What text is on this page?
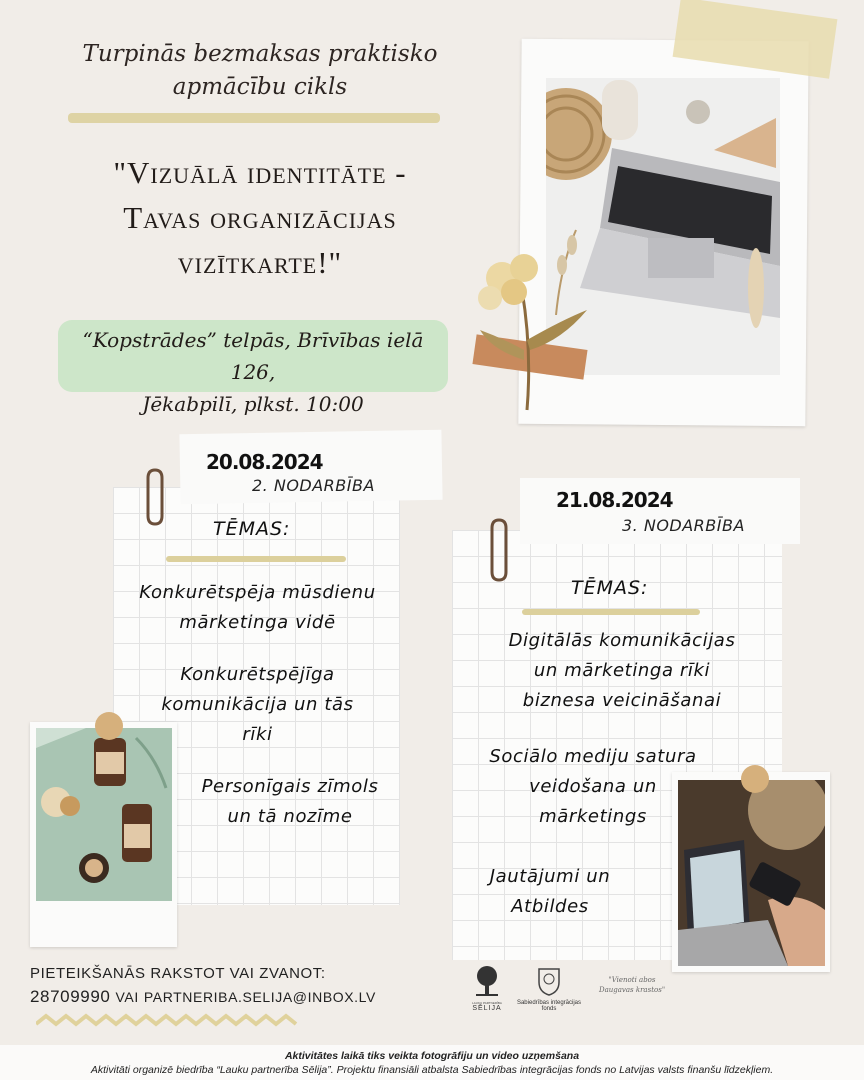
Turpinās bezmaksas praktisko
apmācību cikls
"Vizuālā identitāte -
Tavas organizācijas
vizītkarte!"
“Kopstrādes” telpās, Brīvības ielā 126,
Jēkabpilī, plkst. 10:00
20.08.2024
2. NODARBĪBA
TĒMAS:
Konkurētspēja mūsdienu
mārketinga vidē
Konkurētspējīga
komunikācija un tās
rīki
Personīgais zīmols
un tā nozīme
21.08.2024
3. NODARBĪBA
TĒMAS:
Digitālās komunikācijas
un mārketinga rīki
biznesa veicināšanai
Sociālo mediju satura
veidošana un
mārketings
Jautājumi un
Atbildes
LAUKU PARTNERĪBA
SĒLIJA
Sabiedrības integrācijas
fonds
"Vienoti abos
Daugavas krastos"
PIETEIKŠANĀS RAKSTOT VAI ZVANOT:
28709990 VAI PARTNERIBA.SELIJA@INBOX.LV
Aktivitātes laikā tiks veikta fotogrāfiju un video uzņemšana
Aktivitāti organizē biedrība “Lauku partnerība Sēlija”. Projektu finansiāli atbalsta Sabiedrības integrācijas fonds no Latvijas valsts finanšu līdzekļiem.
